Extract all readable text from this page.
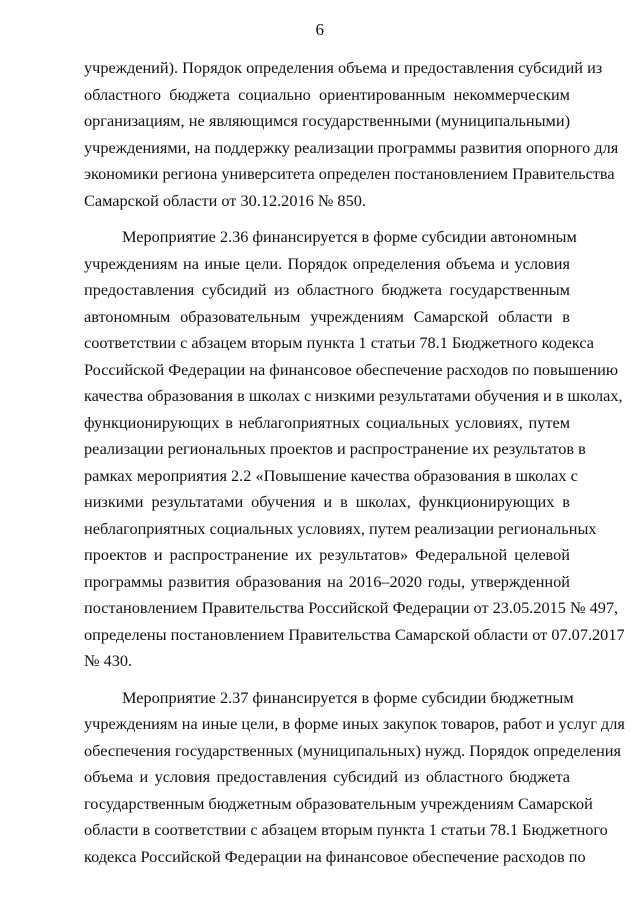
6
учреждений). Порядок определения объема и предоставления субсидий из
областного бюджета социально ориентированным некоммерческим
организациям, не являющимся государственными (муниципальными)
учреждениями, на поддержку реализации программы развития опорного для
экономики региона университета определен постановлением Правительства
Самарской области от 30.12.2016 № 850.
Мероприятие 2.36 финансируется в форме субсидии автономным
учреждениям на иные цели. Порядок определения объема и условия
предоставления субсидий из областного бюджета государственным
автономным образовательным учреждениям Самарской области в
соответствии с абзацем вторым пункта 1 статьи 78.1 Бюджетного кодекса
Российской Федерации на финансовое обеспечение расходов по повышению
качества образования в школах с низкими результатами обучения и в школах,
функционирующих в неблагоприятных социальных условиях, путем
реализации региональных проектов и распространение их результатов в
рамках мероприятия 2.2 «Повышение качества образования в школах с
низкими результатами обучения и в школах, функционирующих в
неблагоприятных социальных условиях, путем реализации региональных
проектов и распространение их результатов» Федеральной целевой
программы развития образования на 2016–2020 годы, утвержденной
постановлением Правительства Российской Федерации от 23.05.2015 № 497,
определены постановлением Правительства Самарской области от 07.07.2017
№ 430.
Мероприятие 2.37 финансируется в форме субсидии бюджетным
учреждениям на иные цели, в форме иных закупок товаров, работ и услуг для
обеспечения государственных (муниципальных) нужд. Порядок определения
объема и условия предоставления субсидий из областного бюджета
государственным бюджетным образовательным учреждениям Самарской
области в соответствии с абзацем вторым пункта 1 статьи 78.1 Бюджетного
кодекса Российской Федерации на финансовое обеспечение расходов по
